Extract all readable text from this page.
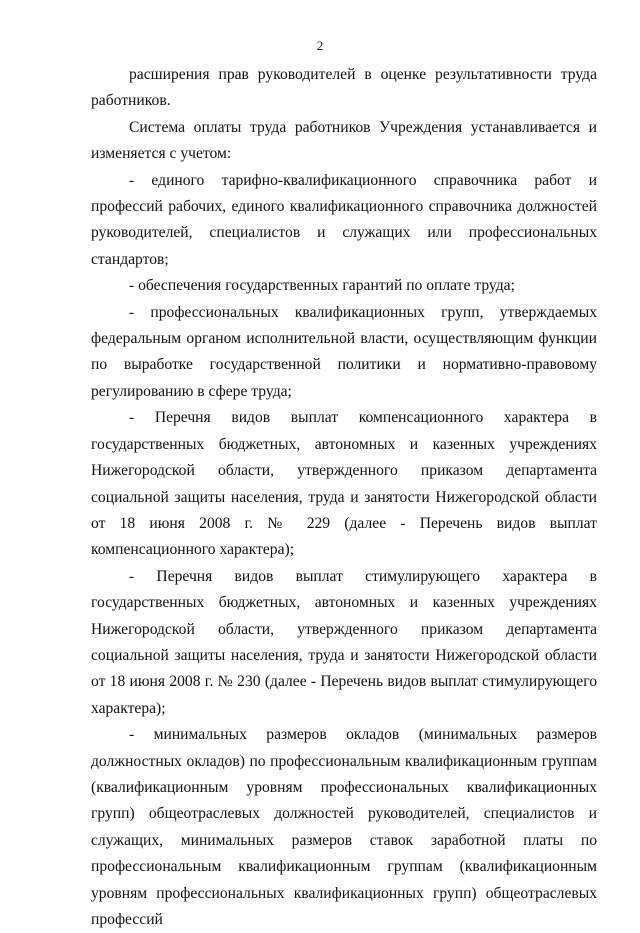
2

расширения прав руководителей в оценке результативности труда работников.

Система оплаты труда работников Учреждения устанавливается и изменяется с учетом:

- единого тарифно-квалификационного справочника работ и профессий рабочих, единого квалификационного справочника должностей руководителей, специалистов и служащих или профессиональных стандартов;

- обеспечения государственных гарантий по оплате труда;

- профессиональных квалификационных групп, утверждаемых федеральным органом исполнительной власти, осуществляющим функции по выработке государственной политики и нормативно-правовому регулированию в сфере труда;

- Перечня видов выплат компенсационного характера в государственных бюджетных, автономных и казенных учреждениях Нижегородской области, утвержденного приказом департамента социальной защиты населения, труда и занятости Нижегородской области от 18 июня 2008 г. № 229 (далее - Перечень видов выплат компенсационного характера);

- Перечня видов выплат стимулирующего характера в государственных бюджетных, автономных и казенных учреждениях Нижегородской области, утвержденного приказом департамента социальной защиты населения, труда и занятости Нижегородской области от 18 июня 2008 г. № 230 (далее - Перечень видов выплат стимулирующего характера);

- минимальных размеров окладов (минимальных размеров должностных окладов) по профессиональным квалификационным группам (квалификационным уровням профессиональных квалификационных групп) общеотраслевых должностей руководителей, специалистов и служащих, минимальных размеров ставок заработной платы по профессиональным квалификационным группам (квалификационным уровням профессиональных квалификационных групп) общеотраслевых профессий
